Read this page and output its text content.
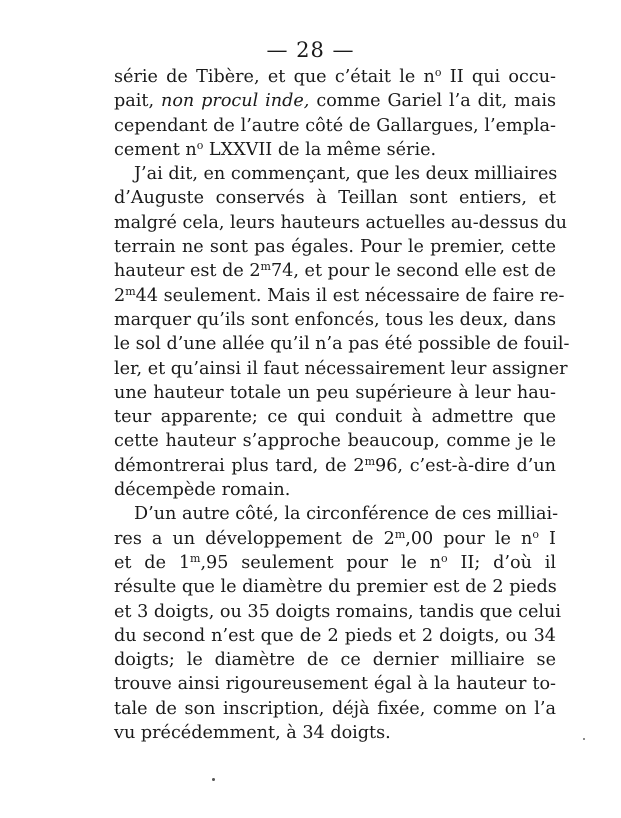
— 28 —
série de Tibère, et que c’était le $n^o$ II qui occu-
pait, non procul inde, comme Gariel l’a dit, mais
cependant de l’autre côté de Gallargues, l’empla-
cement $n^o$ LXXVII de la même série.
J’ai dit, en commençant, que les deux milliaires
d’Auguste conservés à Teillan sont entiers, et
malgré cela, leurs hauteurs actuelles au-dessus du
terrain ne sont pas égales. Pour le premier, cette
hauteur est de 2$^m$74, et pour le second elle est de
2$^m$44 seulement. Mais il est nécessaire de faire re-
marquer qu’ils sont enfoncés, tous les deux, dans
le sol d’une allée qu’il n’a pas été possible de fouil-
ler, et qu’ainsi il faut nécessairement leur assigner
une hauteur totale un peu supérieure à leur hau-
teur apparente; ce qui conduit à admettre que
cette hauteur s’approche beaucoup, comme je le
démontrerai plus tard, de 2$^m$96, c’est-à-dire d’un
décempède romain.
D’un autre côté, la circonférence de ces milliai-
res a un développement de 2$^m$,00 pour le $n^o$ I
et de 1$^m$,95 seulement pour le $n^o$ II; d’où il
résulte que le diamètre du premier est de 2 pieds
et 3 doigts, ou 35 doigts romains, tandis que celui
du second n’est que de 2 pieds et 2 doigts, ou 34
doigts; le diamètre de ce dernier milliaire se
trouve ainsi rigoureusement égal à la hauteur to-
tale de son inscription, déjà fixée, comme on l’a
vu précédemment, à 34 doigts.
